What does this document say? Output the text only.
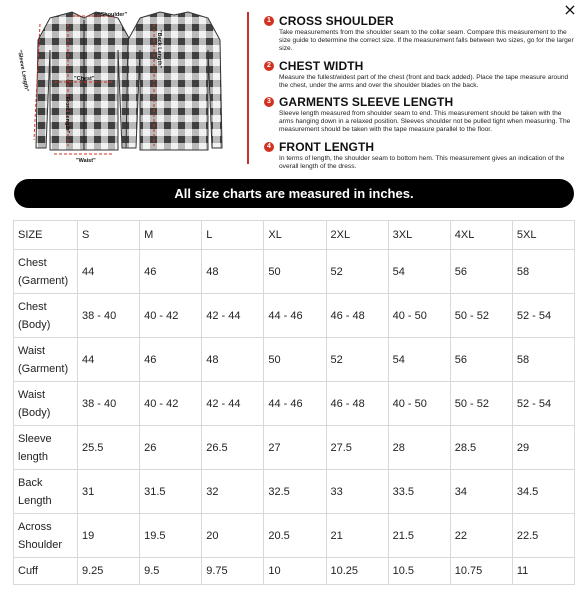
×
"Shoulder"
"Sleeve Length"	"Chest"
"Front Length"
"Waist"
"Back Length"
1 CROSS SHOULDER
Take measurements from the shoulder seam to the collar seam. Compare this measurement to the size guide to determine the correct size. If the measurement falls between two sizes, go for the larger size.
2 CHEST WIDTH
Measure the fullest/widest part of the chest (front and back added). Place the tape measure around the chest, under the arms and over the shoulder blades on the back.
3 GARMENTS SLEEVE LENGTH
Sleeve length measured from shoulder seam to end. This measurement should be taken with the arms hanging down in a relaxed position. Sleeves shoulder not be pulled tight when measuring. The measurement should be taken with the tape measure parallel to the floor.
4 FRONT LENGTH
In terms of length, the shoulder seam to bottom hem. This measurement gives an indication of the overall length of the dress.
All size charts are measured in inches.
SIZE	S	M	L	XL	2XL	3XL	4XL	5XL
Chest
(Garment)	44	46	48	50	52	54	56	58
Chest
(Body)	38 - 40	40 - 42	42 - 44	44 - 46	46 - 48	40 - 50	50 - 52	52 - 54
Waist
(Garment)	44	46	48	50	52	54	56	58
Waist
(Body)	38 - 40	40 - 42	42 - 44	44 - 46	46 - 48	40 - 50	50 - 52	52 - 54
Sleeve
length	25.5	26	26.5	27	27.5	28	28.5	29
Back
Length	31	31.5	32	32.5	33	33.5	34	34.5
Across
Shoulder	19	19.5	20	20.5	21	21.5	22	22.5
Cuff	9.25	9.5	9.75	10	10.25	10.5	10.75	11
